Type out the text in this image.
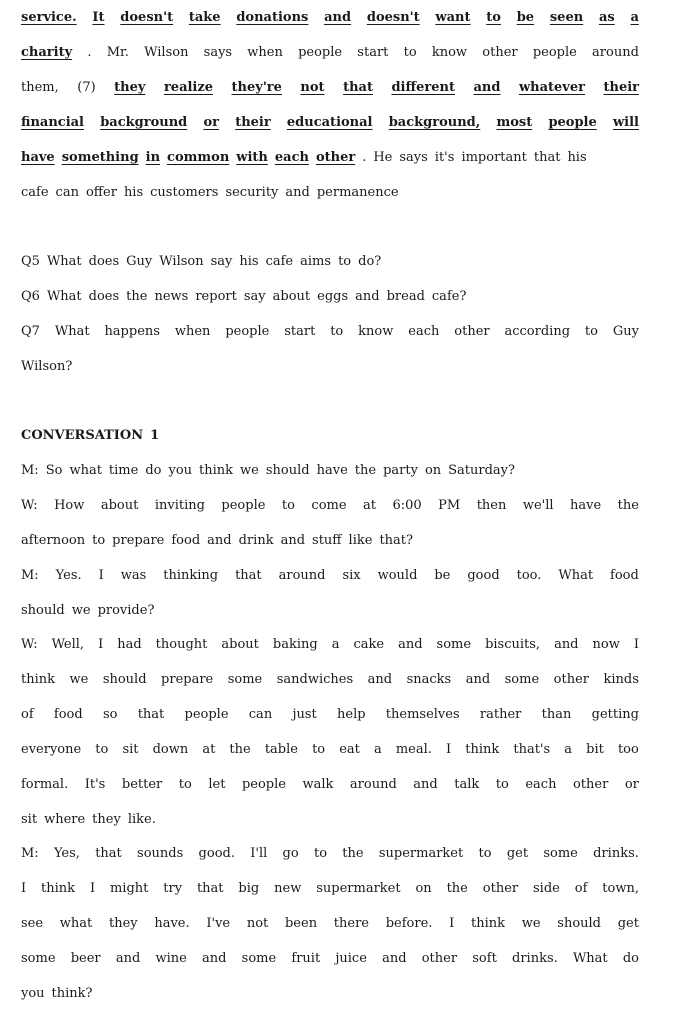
service. It doesn't take donations and doesn't want to be seen as a
charity . Mr. Wilson says when people start to know other people around
them, (7) they realize they're not that different and whatever their
financial background or their educational background, most people will
have something in common with each other . He says it's important that his
cafe can offer his customers security and permanence
Q5 What does Guy Wilson say his cafe aims to do?
Q6 What does the news report say about eggs and bread cafe?
Q7 What happens when people start to know each other according to Guy
Wilson?
CONVERSATION 1
M: So what time do you think we should have the party on Saturday?
W: How about inviting people to come at 6:00 PM then we'll have the
afternoon to prepare food and drink and stuff like that?
M: Yes. I was thinking that around six would be good too. What food
should we provide?
W: Well, I had thought about baking a cake and some biscuits, and now I
think we should prepare some sandwiches and snacks and some other kinds
of food so that people can just help themselves rather than getting
everyone to sit down at the table to eat a meal. I think that's a bit too
formal. It's better to let people walk around and talk to each other or
sit where they like.
M: Yes, that sounds good. I'll go to the supermarket to get some drinks.
I think I might try that big new supermarket on the other side of town,
see what they have. I've not been there before. I think we should get
some beer and wine and some fruit juice and other soft drinks. What do
you think?
